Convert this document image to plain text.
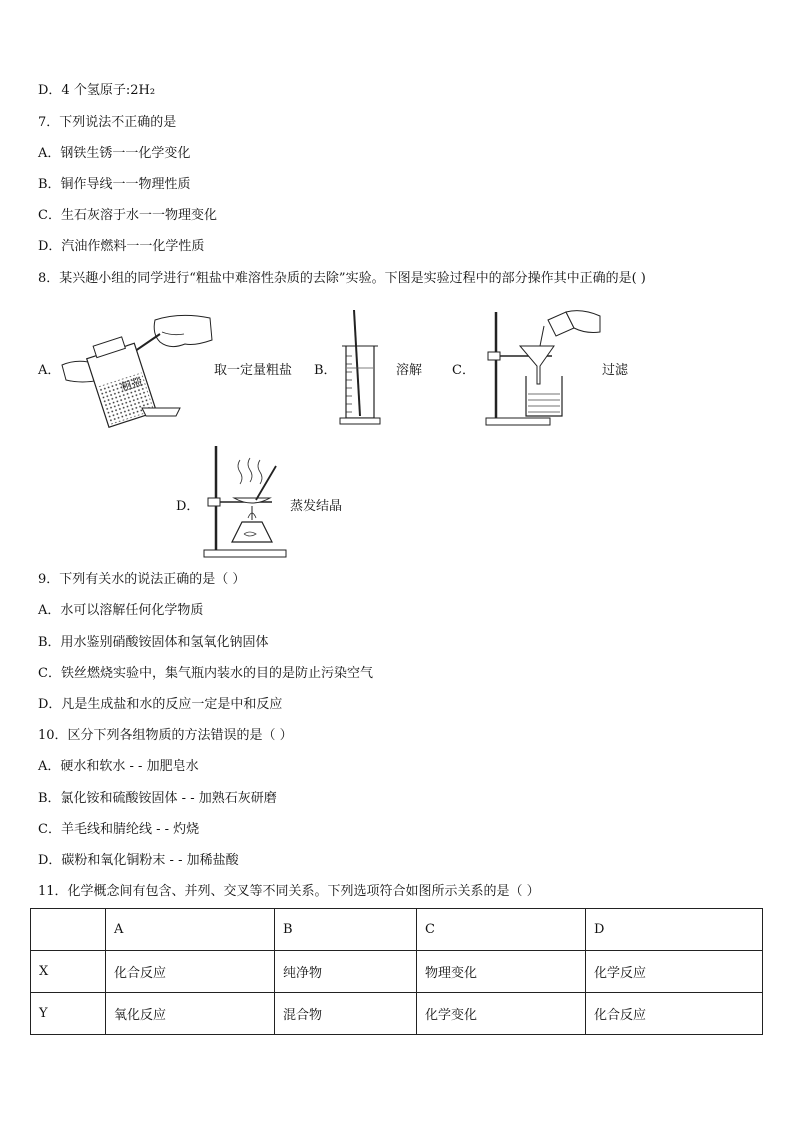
D．4 个氢原子:2H₂
7．下列说法不正确的是
A．钢铁生锈一一化学变化
B．铜作导线一一物理性质
C．生石灰溶于水一一物理变化
D．汽油作燃料一一化学性质
8．某兴趣小组的同学进行“粗盐中难溶性杂质的去除”实验。下图是实验过程中的部分操作其中正确的是( )
A．
粗盐
取一定量粗盐 B．	溶解 C．	过滤
D．	蒸发结晶
9．下列有关水的说法正确的是（ ）
A．水可以溶解任何化学物质
B．用水鉴别硝酸铵固体和氢氧化钠固体
C．铁丝燃烧实验中，集气瓶内装水的目的是防止污染空气
D．凡是生成盐和水的反应一定是中和反应
10．区分下列各组物质的方法错误的是（ ）
A．硬水和软水 - - 加肥皂水
B．氯化铵和硫酸铵固体 - - 加熟石灰研磨
C．羊毛线和腈纶线 - - 灼烧
D．碳粉和氧化铜粉末 - - 加稀盐酸
11．化学概念间有包含、并列、交叉等不同关系。下列选项符合如图所示关系的是（ ）
	A	B	C	D
X	化合反应	纯净物	物理变化	化学反应
Y	氧化反应	混合物	化学变化	化合反应
